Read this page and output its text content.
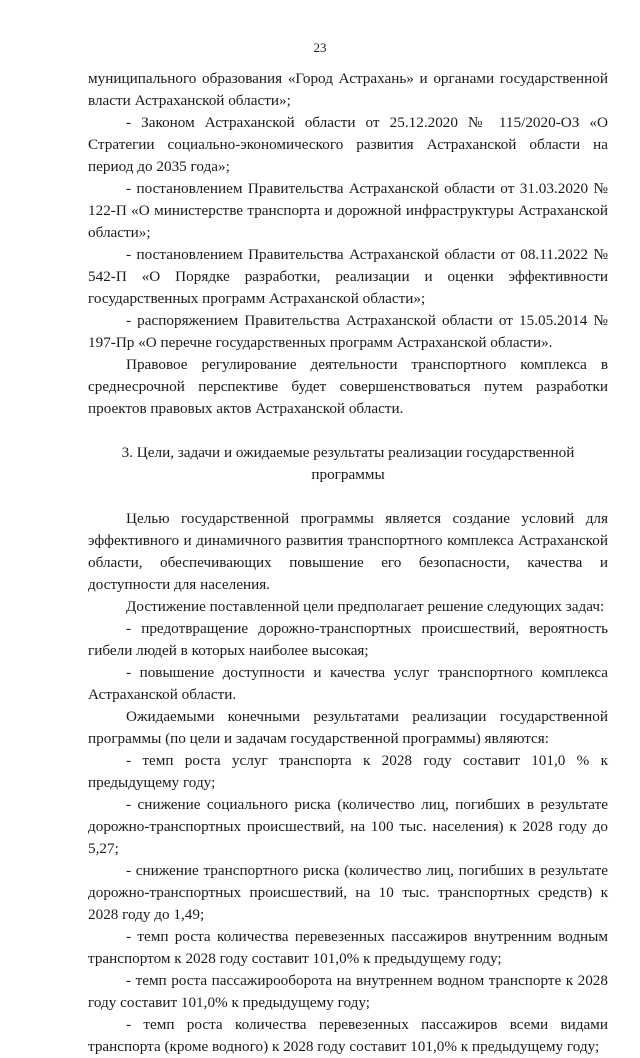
23

муниципального образования «Город Астрахань» и органами государственной власти Астраханской области»;

- Законом Астраханской области от 25.12.2020 № 115/2020-ОЗ «О Стратегии социально-экономического развития Астраханской области на период до 2035 года»;

- постановлением Правительства Астраханской области от 31.03.2020 № 122-П «О министерстве транспорта и дорожной инфраструктуры Астраханской области»;

- постановлением Правительства Астраханской области от 08.11.2022 № 542-П «О Порядке разработки, реализации и оценки эффективности государственных программ Астраханской области»;

- распоряжением Правительства Астраханской области от 15.05.2014 № 197-Пр «О перечне государственных программ Астраханской области».

Правовое регулирование деятельности транспортного комплекса в среднесрочной перспективе будет совершенствоваться путем разработки проектов правовых актов Астраханской области.

3. Цели, задачи и ожидаемые результаты реализации государственной программы

Целью государственной программы является создание условий для эффективного и динамичного развития транспортного комплекса Астраханской области, обеспечивающих повышение его безопасности, качества и доступности для населения.

Достижение поставленной цели предполагает решение следующих задач:

- предотвращение дорожно-транспортных происшествий, вероятность гибели людей в которых наиболее высокая;

- повышение доступности и качества услуг транспортного комплекса Астраханской области.

Ожидаемыми конечными результатами реализации государственной программы (по цели и задачам государственной программы) являются:

- темп роста услуг транспорта к 2028 году составит 101,0 % к предыдущему году;

- снижение социального риска (количество лиц, погибших в результате дорожно-транспортных происшествий, на 100 тыс. населения) к 2028 году до 5,27;

- снижение транспортного риска (количество лиц, погибших в результате дорожно-транспортных происшествий, на 10 тыс. транспортных средств) к 2028 году до 1,49;

- темп роста количества перевезенных пассажиров внутренним водным транспортом к 2028 году составит 101,0% к предыдущему году;

- темп роста пассажирооборота на внутреннем водном транспорте к 2028 году составит 101,0% к предыдущему году;

- темп роста количества перевезенных пассажиров всеми видами транспорта (кроме водного) к 2028 году составит 101,0% к предыдущему году;
